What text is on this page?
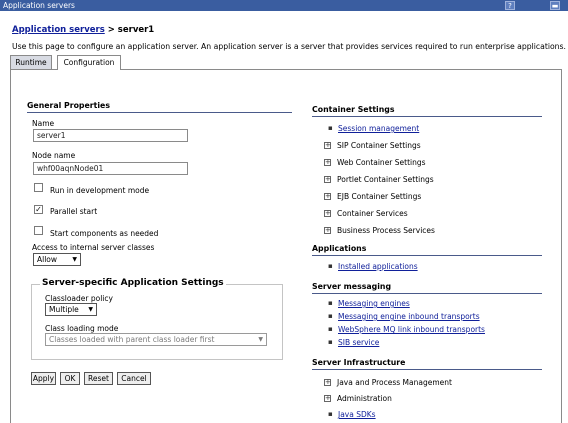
Application servers	?	▬
Application servers > server1
Use this page to configure an application server. An application server is a server that provides services required to run enterprise applications.
Runtime	Configuration
General Properties
Name
server1
Node name
whf00aqnNode01
Run in development mode
✓ Parallel start
Start components as needed
Access to internal server classes
Allow	▼
Server-specific Application Settings
Classloader policy
Multiple ▼
Class loading mode
Classes loaded with parent class loader first	▼
Apply	OK	Reset	Cancel
Container Settings
▪ Session management
+ SIP Container Settings
+ Web Container Settings
+ Portlet Container Settings
+ EJB Container Settings
+ Container Services
+ Business Process Services
Applications
▪ Installed applications
Server messaging
▪ Messaging engines
▪ Messaging engine inbound transports
▪ WebSphere MQ link inbound transports
▪ SIB service
Server Infrastructure
+ Java and Process Management
+ Administration
▪ Java SDKs
